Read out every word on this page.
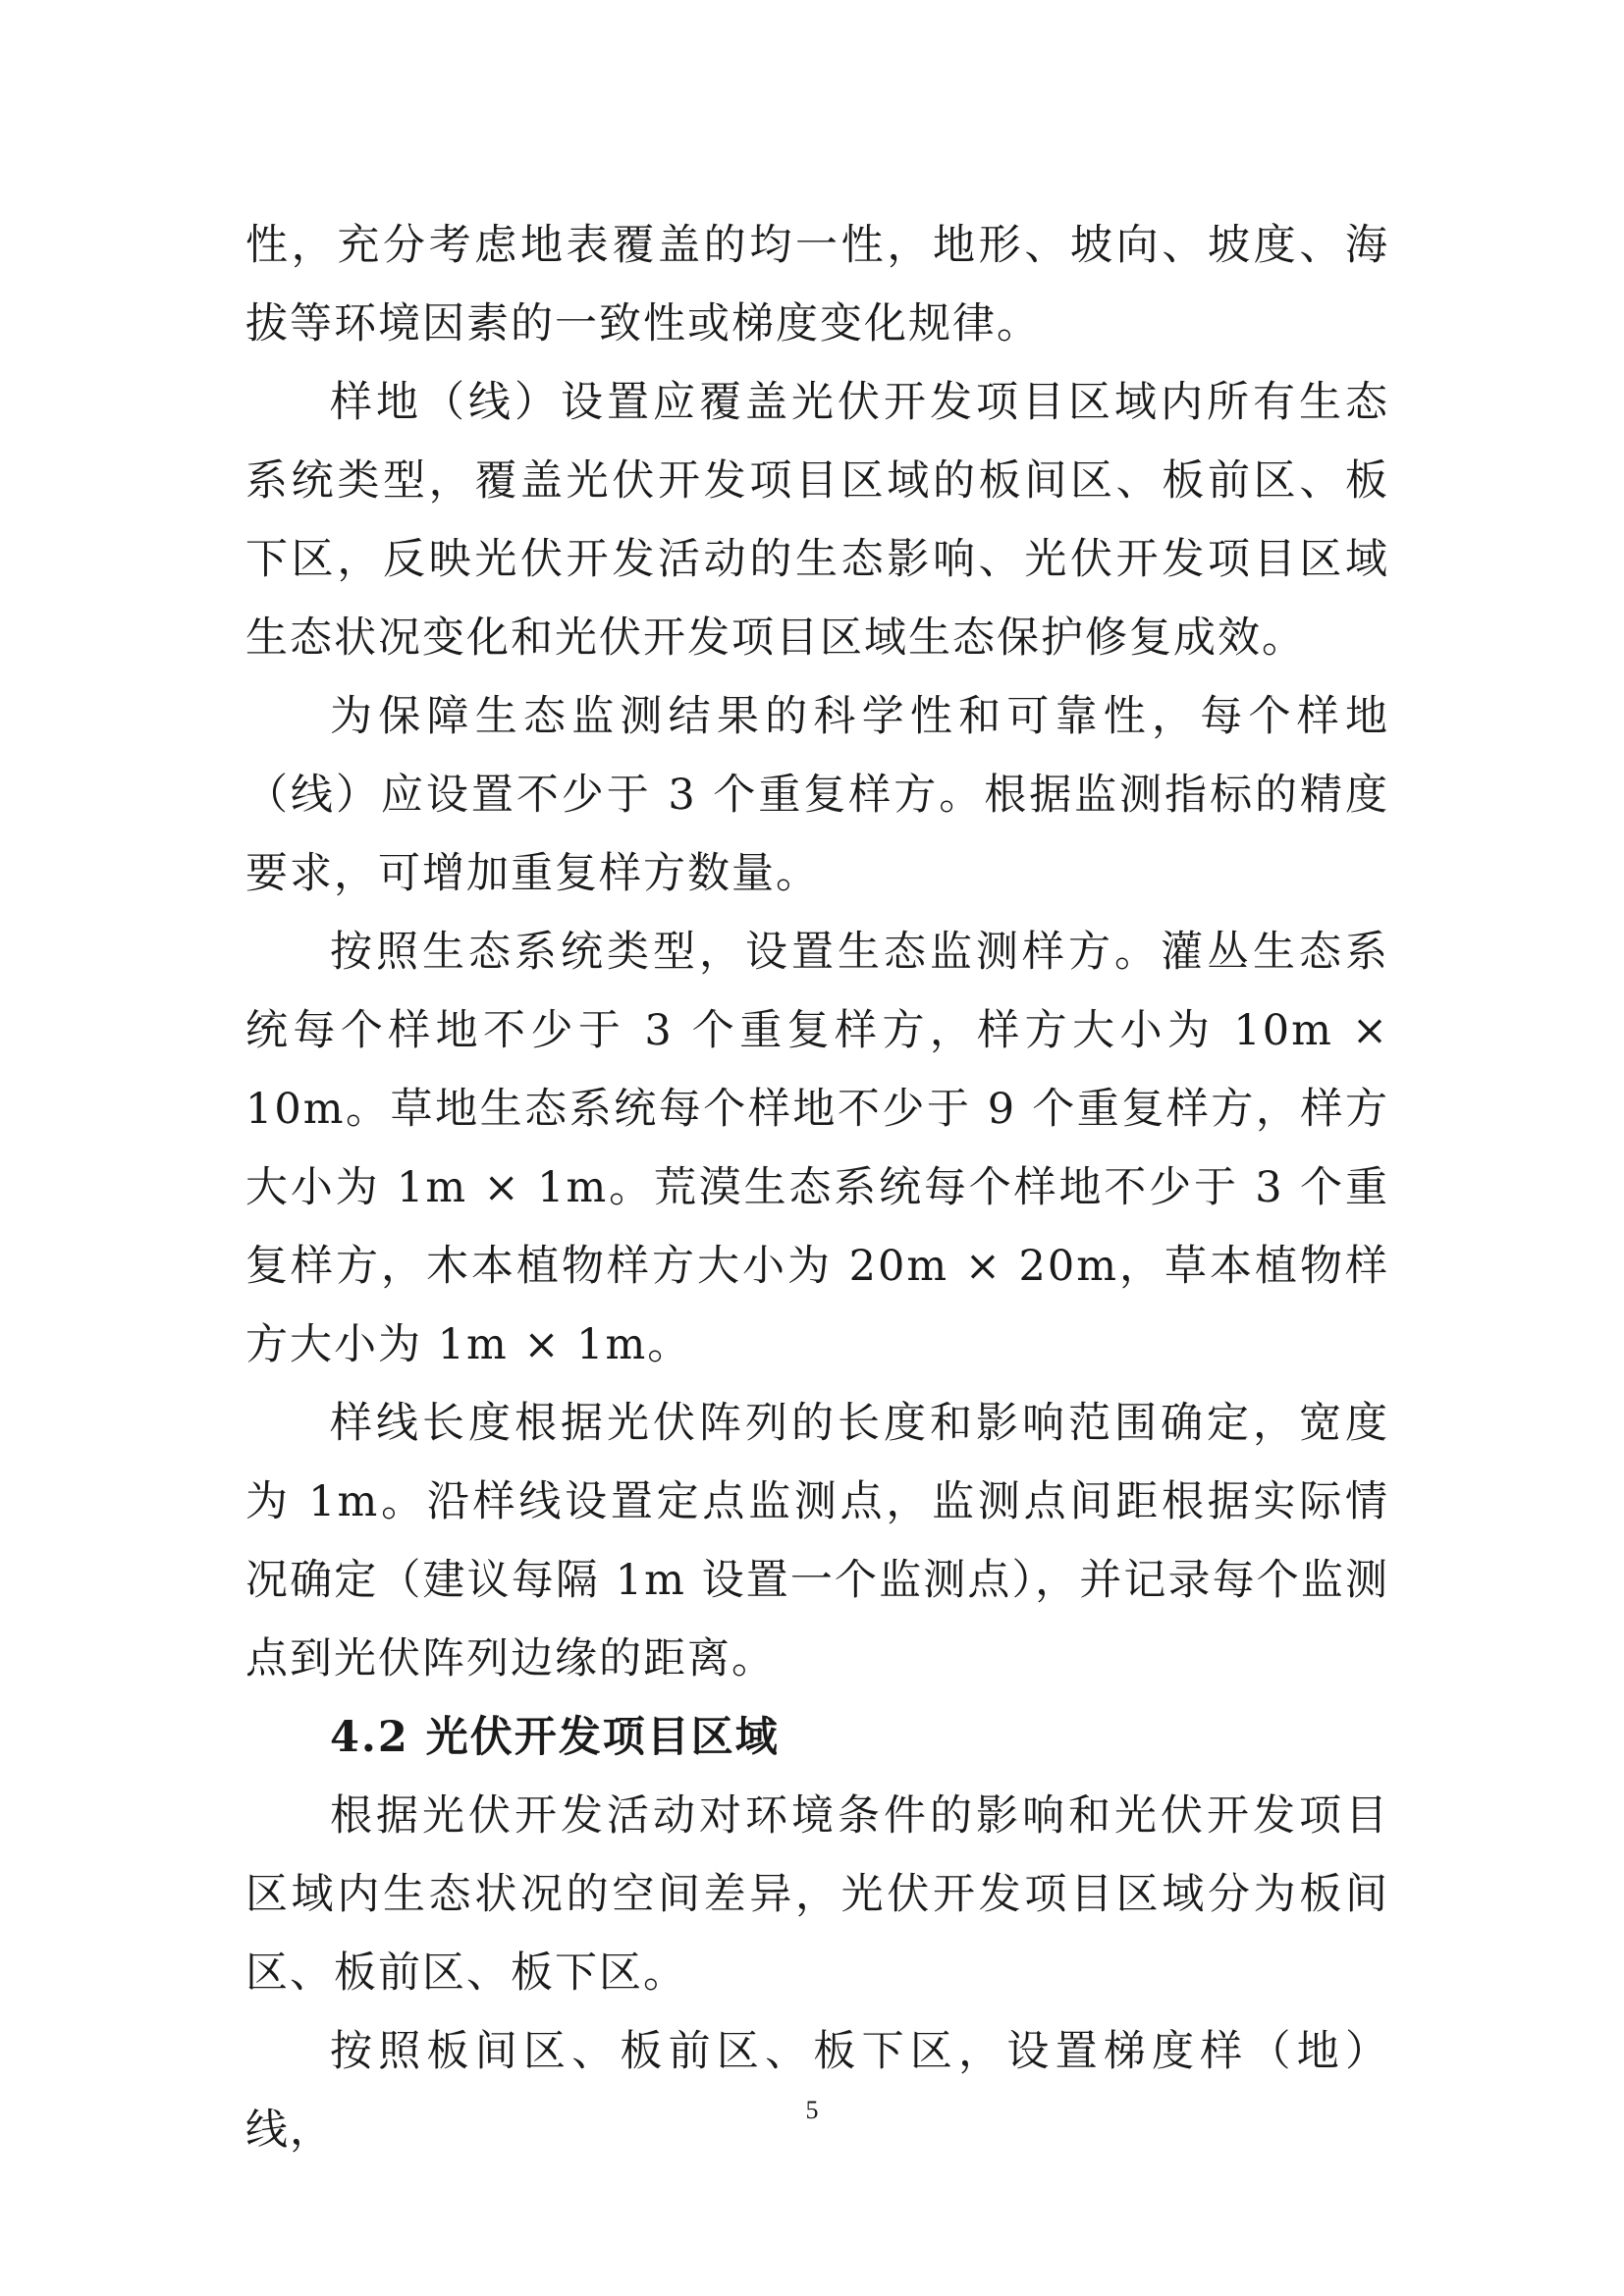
性，充分考虑地表覆盖的均一性，地形、坡向、坡度、海拔等环境因素的一致性或梯度变化规律。

样地（线）设置应覆盖光伏开发项目区域内所有生态系统类型，覆盖光伏开发项目区域的板间区、板前区、板下区，反映光伏开发活动的生态影响、光伏开发项目区域生态状况变化和光伏开发项目区域生态保护修复成效。

为保障生态监测结果的科学性和可靠性，每个样地（线）应设置不少于 3 个重复样方。根据监测指标的精度要求，可增加重复样方数量。

按照生态系统类型，设置生态监测样方。灌丛生态系统每个样地不少于 3 个重复样方，样方大小为 10m × 10m。草地生态系统每个样地不少于 9 个重复样方，样方大小为 1m × 1m。荒漠生态系统每个样地不少于 3 个重复样方，木本植物样方大小为 20m × 20m，草本植物样方大小为 1m × 1m。

样线长度根据光伏阵列的长度和影响范围确定，宽度为 1m。沿样线设置定点监测点，监测点间距根据实际情况确定（建议每隔 1m 设置一个监测点），并记录每个监测点到光伏阵列边缘的距离。

4.2 光伏开发项目区域

根据光伏开发活动对环境条件的影响和光伏开发项目区域内生态状况的空间差异，光伏开发项目区域分为板间区、板前区、板下区。

按照板间区、板前区、板下区，设置梯度样（地）线，	5
